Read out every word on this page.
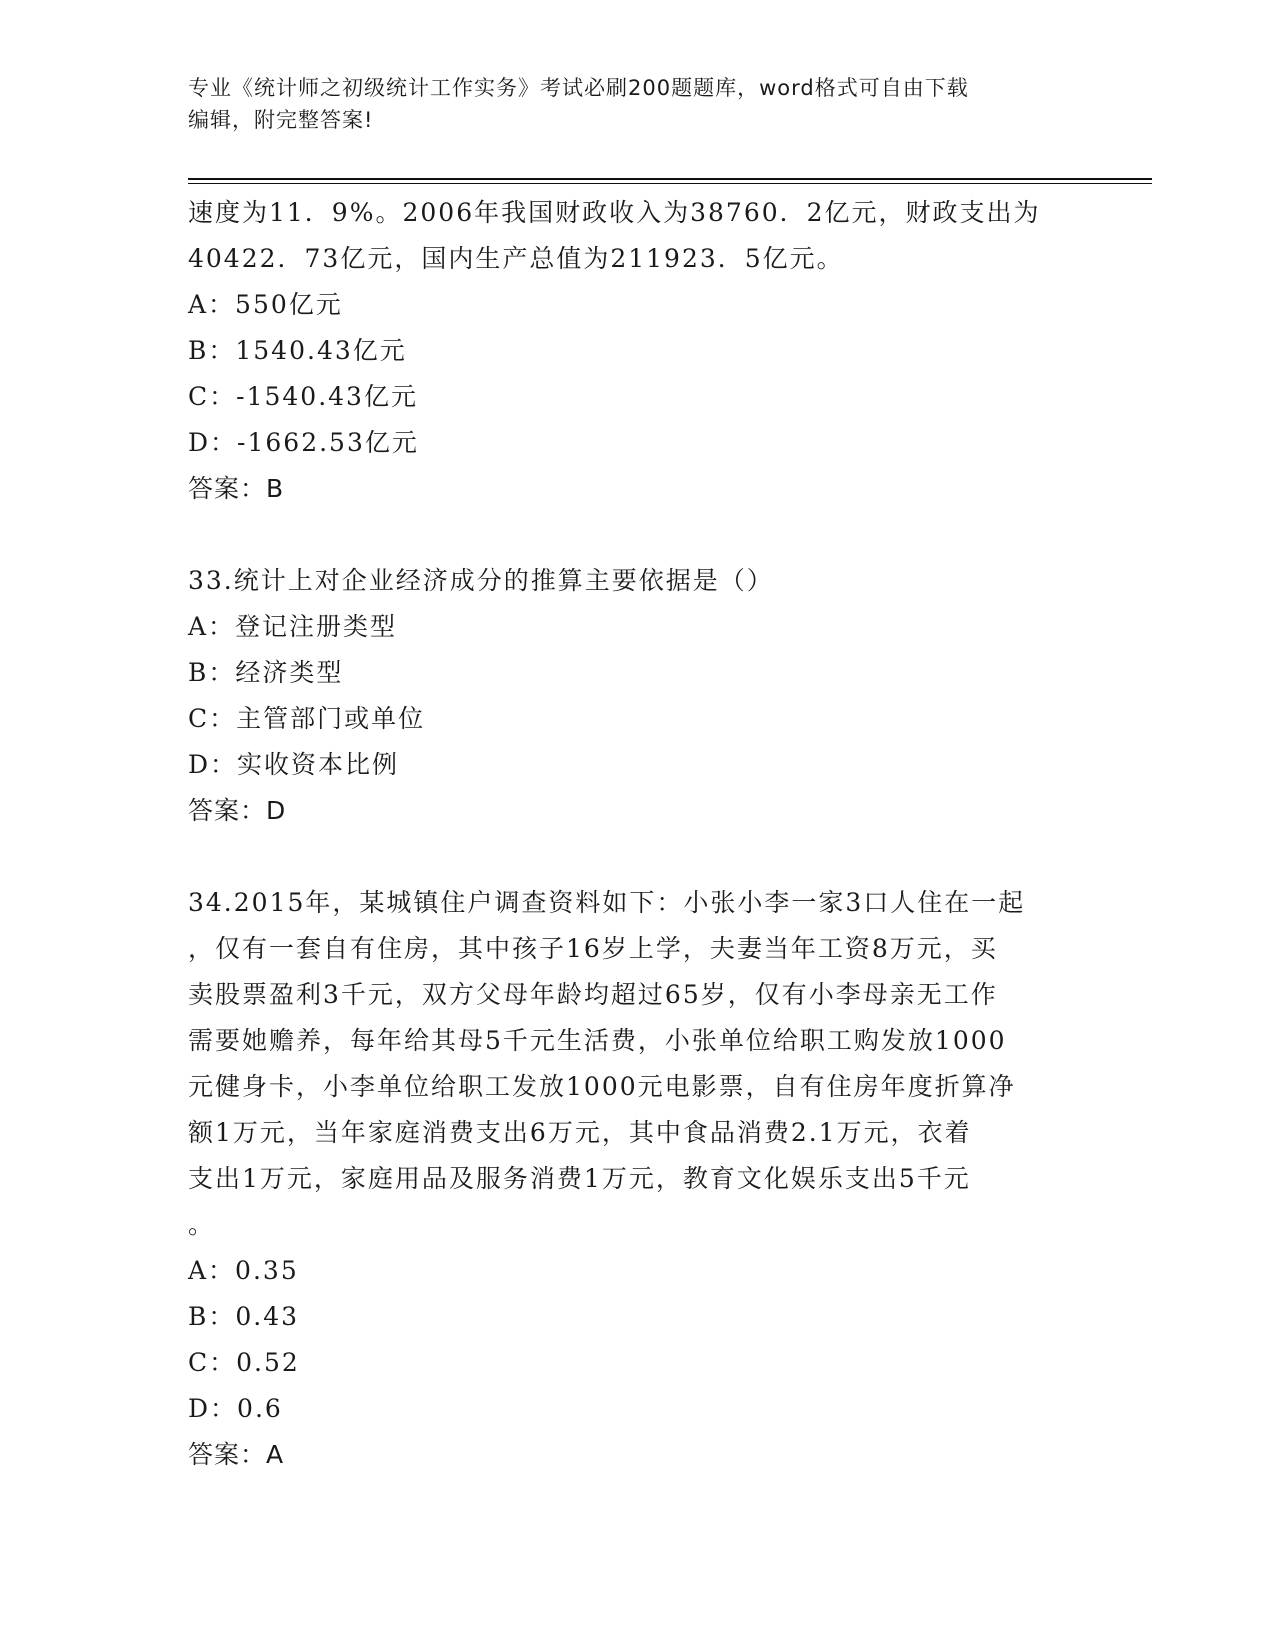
专业《统计师之初级统计工作实务》考试必刷200题题库，word格式可自由下载
编辑，附完整答案!
速度为11．9%。2006年我国财政收入为38760．2亿元，财政支出为
40422．73亿元，国内生产总值为211923．5亿元。
A：550亿元
B：1540.43亿元
C：-1540.43亿元
D：-1662.53亿元
答案：B
33.统计上对企业经济成分的推算主要依据是（）
A：登记注册类型
B：经济类型
C：主管部门或单位
D：实收资本比例
答案：D
34.2015年，某城镇住户调查资料如下：小张小李一家3口人住在一起
，仅有一套自有住房，其中孩子16岁上学，夫妻当年工资8万元，买
卖股票盈利3千元，双方父母年龄均超过65岁，仅有小李母亲无工作
需要她赡养，每年给其母5千元生活费，小张单位给职工购发放1000
元健身卡，小李单位给职工发放1000元电影票，自有住房年度折算净
额1万元，当年家庭消费支出6万元，其中食品消费2.1万元，衣着
支出1万元，家庭用品及服务消费1万元，教育文化娱乐支出5千元
。
A：0.35
B：0.43
C：0.52
D：0.6
答案：A
